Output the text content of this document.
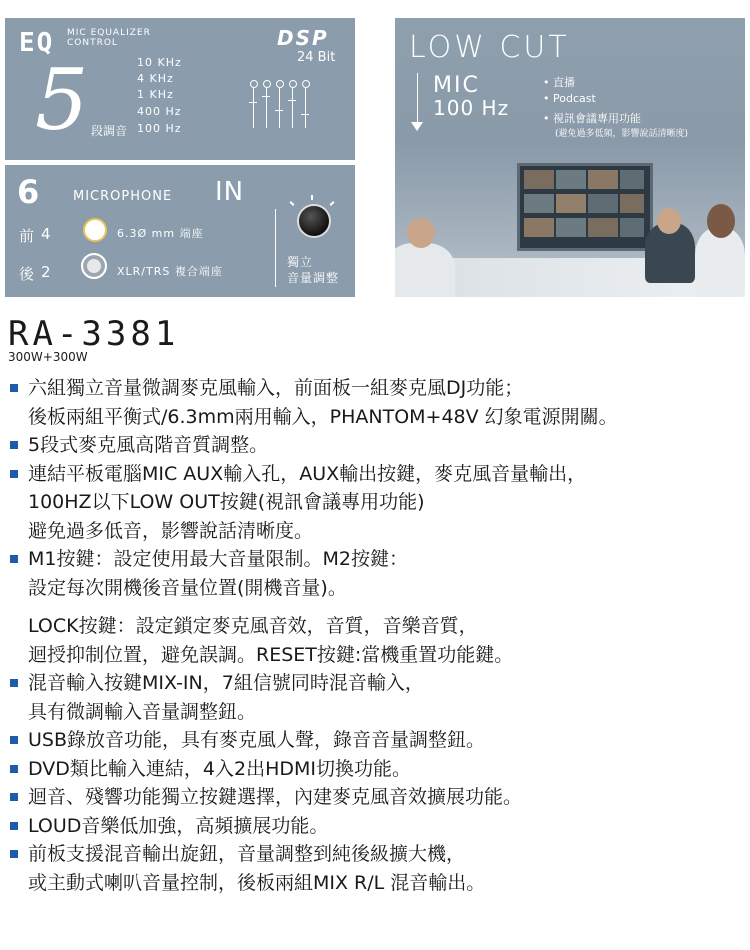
EQ MIC EQUALIZER
CONTROL	DSP
24 Bit
5 段調音
10 KHz
4 KHz
1 KHz
400 Hz
100 Hz
6	MICROPHONE IN
前 4	6.3Ø mm 端座
後 2	XLR/TRS 複合端座
獨立
音量調整
LOW CUT
MIC
100 Hz
• 直播
• Podcast
• 視訊會議專用功能
(避免過多低頻，影響說話清晰度)
RA-3381
300W+300W
六組獨立音量微調麥克風輸入，前面板一組麥克風DJ功能；
後板兩組平衡式/6.3mm兩用輸入，PHANTOM+48V 幻象電源開關。
5段式麥克風高階音質調整。
連結平板電腦MIC AUX輸入孔，AUX輸出按鍵，麥克風音量輸出，
100HZ以下LOW OUT按鍵(視訊會議專用功能)
避免過多低音，影響說話清晰度。
M1按鍵：設定使用最大音量限制。M2按鍵：
設定每次開機後音量位置(開機音量)。
LOCK按鍵：設定鎖定麥克風音效，音質，音樂音質，
迴授抑制位置，避免誤調。RESET按鍵:當機重置功能鍵。
混音輸入按鍵MIX-IN，7組信號同時混音輸入，
具有微調輸入音量調整鈕。
USB錄放音功能，具有麥克風人聲，錄音音量調整鈕。
DVD類比輸入連結，4入2出HDMI切換功能。
迴音、殘響功能獨立按鍵選擇，內建麥克風音效擴展功能。
LOUD音樂低加強，高頻擴展功能。
前板支援混音輸出旋鈕，音量調整到純後級擴大機，
或主動式喇叭音量控制，後板兩組MIX R/L 混音輸出。
